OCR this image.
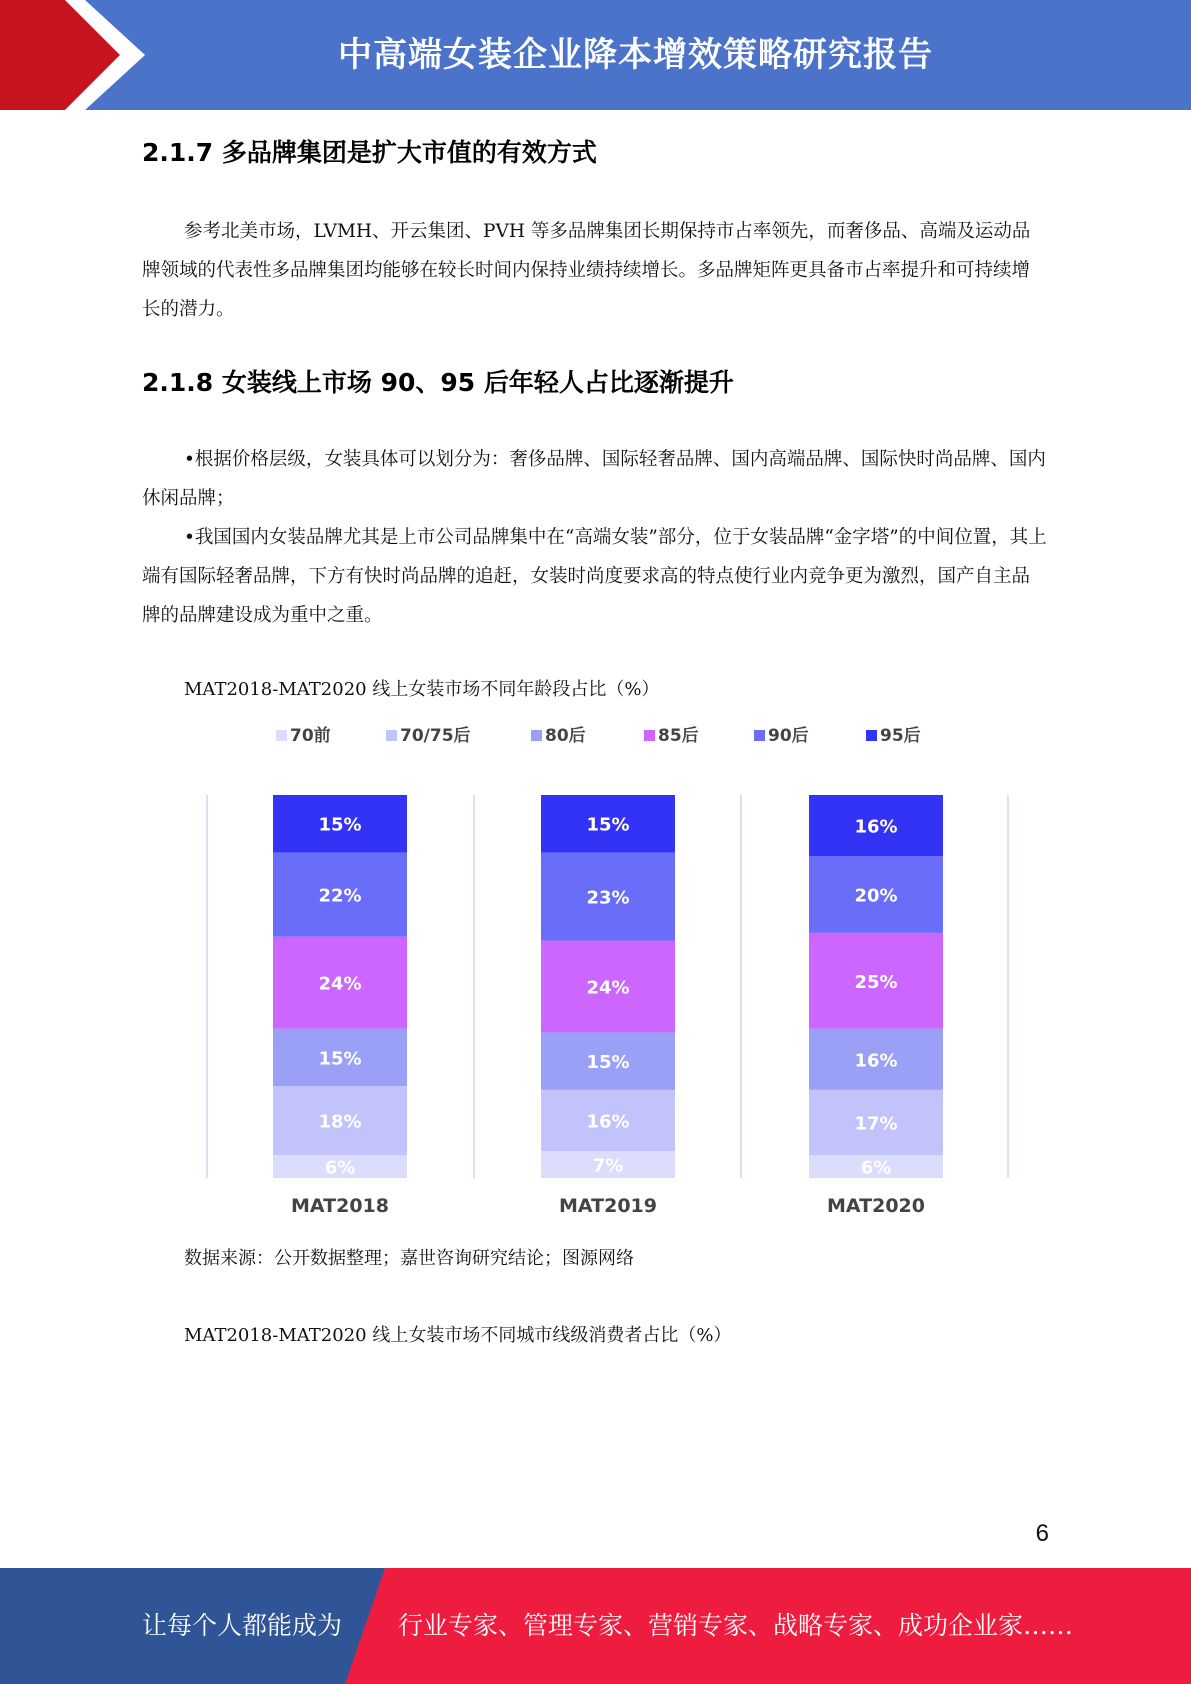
中高端女装企业降本增效策略研究报告
2.1.7 多品牌集团是扩大市值的有效方式

参考北美市场，LVMH、开云集团、PVH 等多品牌集团长期保持市占率领先，而奢侈品、高端及运动品牌领域的代表性多品牌集团均能够在较长时间内保持业绩持续增长。多品牌矩阵更具备市占率提升和可持续增长的潜力。

2.1.8 女装线上市场 90、95 后年轻人占比逐渐提升

•根据价格层级，女装具体可以划分为：奢侈品牌、国际轻奢品牌、国内高端品牌、国际快时尚品牌、国内休闲品牌；

•我国国内女装品牌尤其是上市公司品牌集中在“高端女装”部分，位于女装品牌“金字塔”的中间位置，其上端有国际轻奢品牌，下方有快时尚品牌的追赶，女装时尚度要求高的特点使行业内竞争更为激烈，国产自主品牌的品牌建设成为重中之重。

MAT2018-MAT2020 线上女装市场不同年龄段占比（%）
70前	70/75后	80后	85后	90后	95后
6%
18%
15%
24%
22%
15%
MAT2018
7%
16%
15%
24%
23%
15%
MAT2019
6%
17%
16%
25%
20%
16%
MAT2020
数据来源：公开数据整理；嘉世咨询研究结论；图源网络
MAT2018-MAT2020 线上女装市场不同城市线级消费者占比（%）
6
让每个人都能成为 行业专家、管理专家、营销专家、战略专家、成功企业家……
